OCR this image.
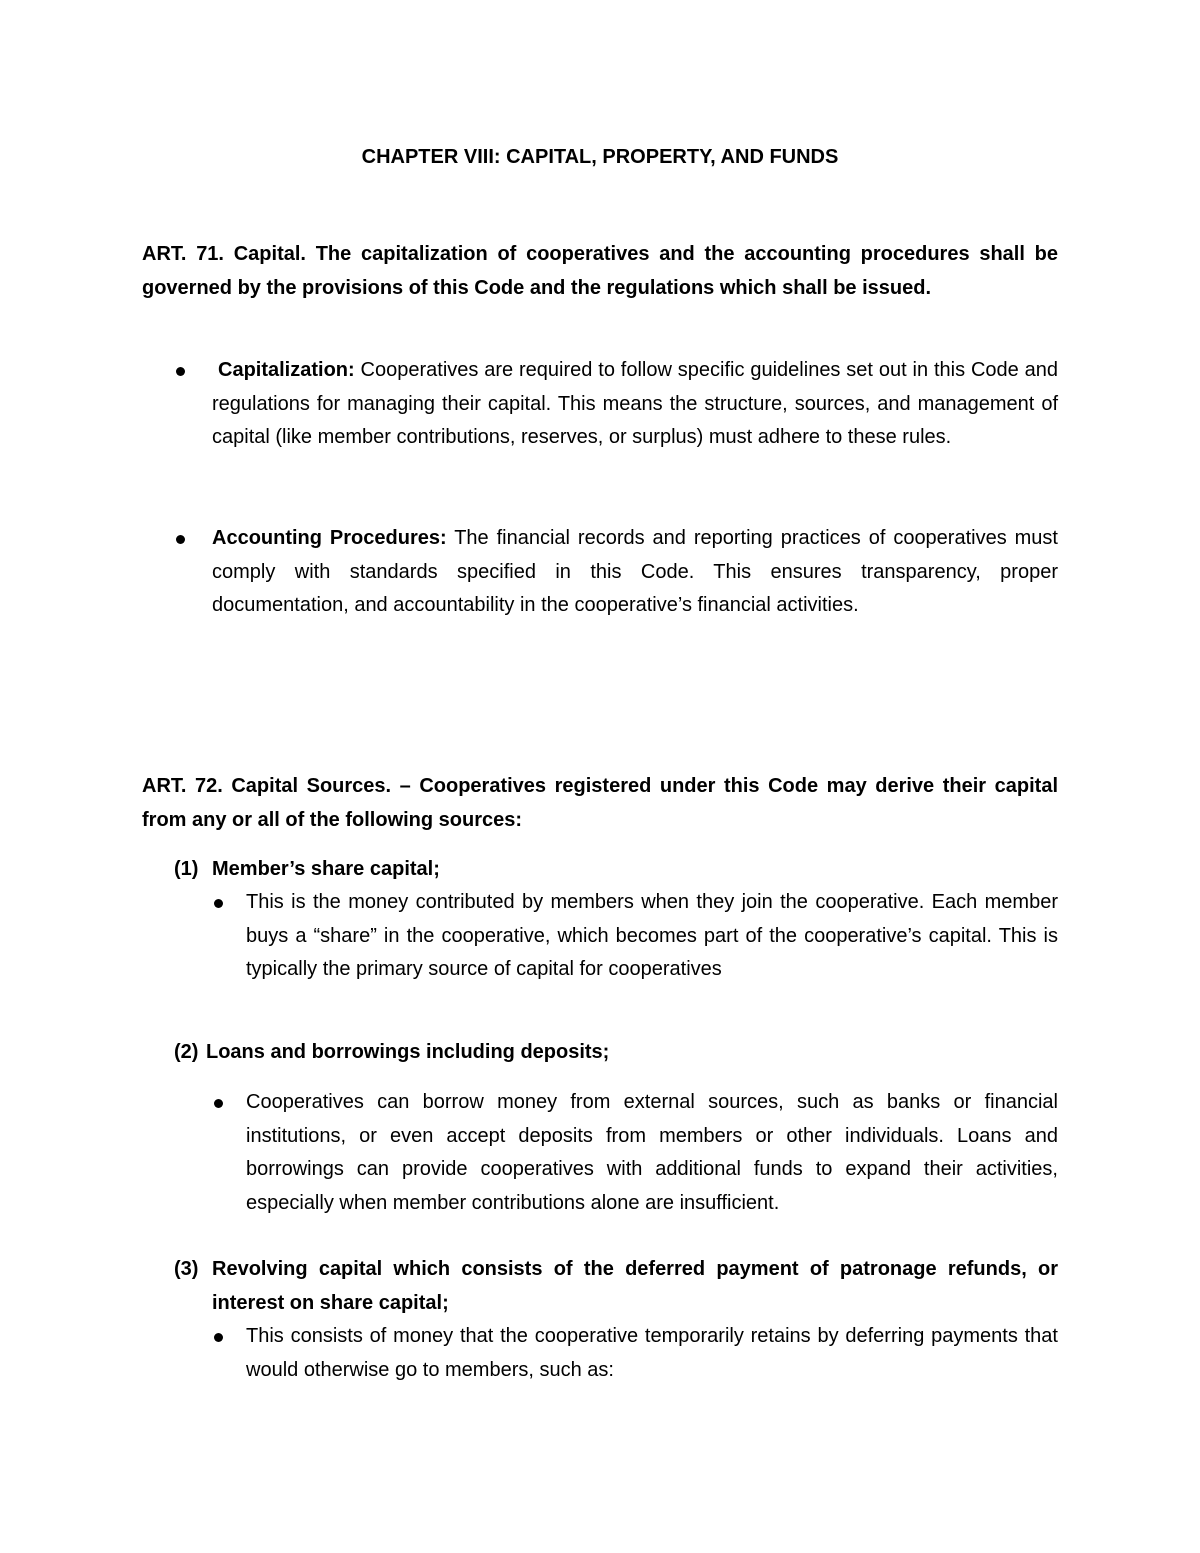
CHAPTER VIII: CAPITAL, PROPERTY, AND FUNDS

ART. 71. Capital. The capitalization of cooperatives and the accounting procedures shall be governed by the provisions of this Code and the regulations which shall be issued.

Capitalization: Cooperatives are required to follow specific guidelines set out in this Code and regulations for managing their capital. This means the structure, sources, and management of capital (like member contributions, reserves, or surplus) must adhere to these rules.

Accounting Procedures: The financial records and reporting practices of cooperatives must comply with standards specified in this Code. This ensures transparency, proper documentation, and accountability in the cooperative’s financial activities.

ART. 72. Capital Sources. – Cooperatives registered under this Code may derive their capital from any or all of the following sources:

(1) Member’s share capital;

This is the money contributed by members when they join the cooperative. Each member buys a “share” in the cooperative, which becomes part of the cooperative’s capital. This is typically the primary source of capital for cooperatives

(2) Loans and borrowings including deposits;

Cooperatives can borrow money from external sources, such as banks or financial institutions, or even accept deposits from members or other individuals. Loans and borrowings can provide cooperatives with additional funds to expand their activities, especially when member contributions alone are insufficient.

(3) Revolving capital which consists of the deferred payment of patronage refunds, or interest on share capital;

This consists of money that the cooperative temporarily retains by deferring payments that would otherwise go to members, such as:
